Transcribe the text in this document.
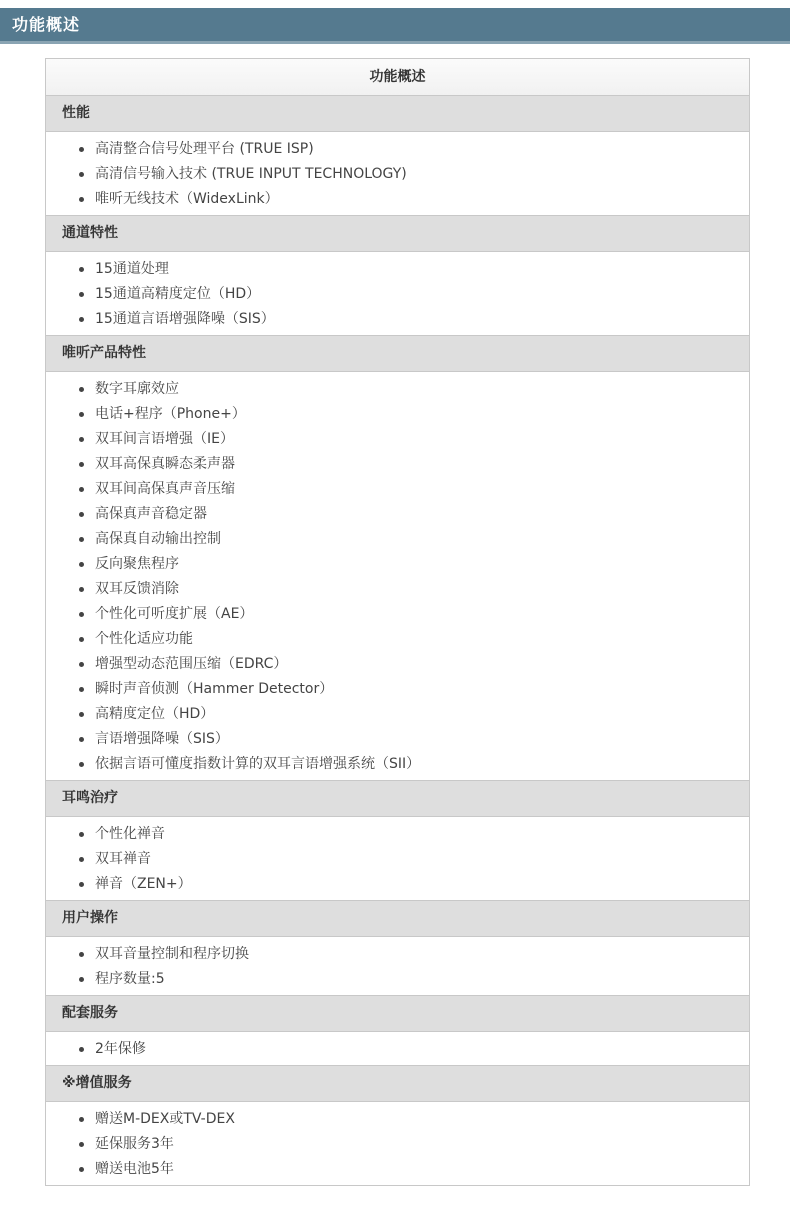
功能概述
功能概述
性能
高清整合信号处理平台 (TRUE ISP)
高清信号输入技术 (TRUE INPUT TECHNOLOGY)
唯听无线技术（WidexLink）
通道特性
15通道处理
15通道高精度定位（HD）
15通道言语增强降噪（SIS）
唯听产品特性
数字耳廓效应
电话+程序（Phone+）
双耳间言语增强（IE）
双耳高保真瞬态柔声器
双耳间高保真声音压缩
高保真声音稳定器
高保真自动输出控制
反向聚焦程序
双耳反馈消除
个性化可听度扩展（AE）
个性化适应功能
增强型动态范围压缩（EDRC）
瞬时声音侦测（Hammer Detector）
高精度定位（HD）
言语增强降噪（SIS）
依据言语可懂度指数计算的双耳言语增强系统（SII）
耳鸣治疗
个性化禅音
双耳禅音
禅音（ZEN+）
用户操作
双耳音量控制和程序切换
程序数量:5
配套服务
2年保修
※增值服务
赠送M-DEX或TV-DEX
延保服务3年
赠送电池5年
